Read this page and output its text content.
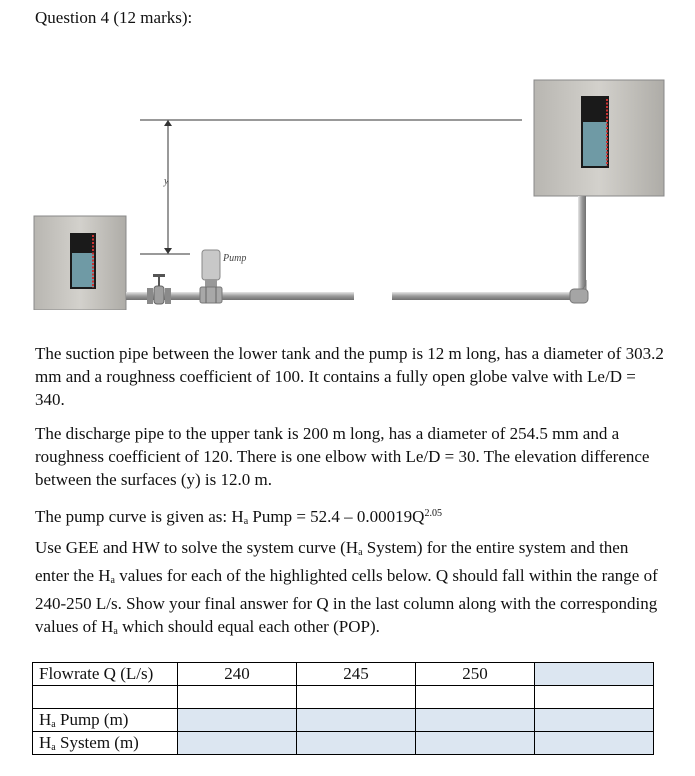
Question 4 (12 marks):
y
Pump

The suction pipe between the lower tank and the pump is 12 m long, has a diameter of 303.2 mm and a roughness coefficient of 100. It contains a fully open globe valve with Le/D = 340.

The discharge pipe to the upper tank is 200 m long, has a diameter of 254.5 mm and a roughness coefficient of 120. There is one elbow with Le/D = 30. The elevation difference between the surfaces (y) is 12.0 m.

The pump curve is given as: $H_a$ Pump = $52.4 - 0.00019Q^{2.05}$

Use GEE and HW to solve the system curve ($H_a$ System) for the entire system and then enter the $H_a$ values for each of the highlighted cells below. Q should fall within the range of 240-250 L/s. Show your final answer for Q in the last column along with the corresponding values of $H_a$ which should equal each other (POP).

Flowrate Q (L/s)	240	245	250	

$H_a$ Pump (m)				
$H_a$ System (m)				
